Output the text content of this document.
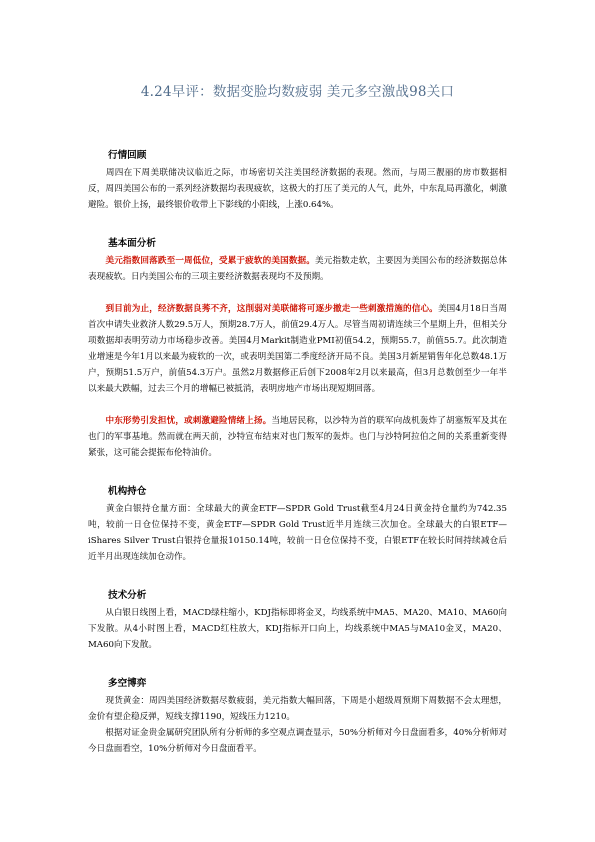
4.24早评：数据变脸均数疲弱 美元多空激战98关口
行情回顾

　　周四在下周美联储决议临近之际，市场密切关注美国经济数据的表现。然而，与周三靓丽的房市数据相反，周四美国公布的一系列经济数据均表现疲软，这极大的打压了美元的人气，此外，中东乱局再激化，刺激避险。银价上扬，最终银价收带上下影线的小阳线，上涨0.64%。

基本面分析

　　美元指数回落跌至一周低位，受累于疲软的美国数据。美元指数走软，主要因为美国公布的经济数据总体表现疲软。日内美国公布的三项主要经济数据表现均不及预期。

　　到目前为止，经济数据良莠不齐，这削弱对美联储将可逐步撤走一些刺激措施的信心。美国4月18日当周首次申请失业救济人数29.5万人，预期28.7万人，前值29.4万人。尽管当周初请连续三个星期上升，但相关分项数据却表明劳动力市场稳步改善。美国4月Markit制造业PMI初值54.2，预期55.7，前值55.7。此次制造业增速是今年1月以来最为疲软的一次，或表明美国第二季度经济开局不良。美国3月新屋销售年化总数48.1万户，预期51.5万户，前值54.3万户。虽然2月数据修正后创下2008年2月以来最高，但3月总数创至少一年半以来最大跌幅，过去三个月的增幅已被抵消，表明房地产市场出现短期回落。

　　中东形势引发担忧，或刺激避险情绪上扬。当地居民称，以沙特为首的联军向战机轰炸了胡塞叛军及其在也门的军事基地。然而就在两天前，沙特宣布结束对也门叛军的轰炸。也门与沙特阿拉伯之间的关系重新变得紧张，这可能会提振布伦特油价。

机构持仓

　　黄金白银持仓量方面：全球最大的黄金ETF—SPDR Gold Trust截至4月24日黄金持仓量约为742.35吨，较前一日仓位保持不变，黄金ETF—SPDR Gold Trust近半月连续三次加仓。全球最大的白银ETF—iShares Silver Trust白银持仓量报10150.14吨，较前一日仓位保持不变，白银ETF在较长时间持续减仓后近半月出现连续加仓动作。

技术分析

　　从白银日线图上看，MACD绿柱缩小，KDJ指标即将金叉，均线系统中MA5、MA20、MA10、MA60向下发散。从4小时图上看，MACD红柱放大，KDJ指标开口向上，均线系统中MA5与MA10金叉，MA20、MA60向下发散。

多空博弈

　　现货黄金：周四美国经济数据尽数疲弱，美元指数大幅回落，下周是小超级周预期下周数据不会太理想，金价有望企稳反弹，短线支撑1190，短线压力1210。

　　根据对证金贵金属研究团队所有分析师的多空观点调查显示，50%分析师对今日盘面看多，40%分析师对今日盘面看空，10%分析师对今日盘面看平。
